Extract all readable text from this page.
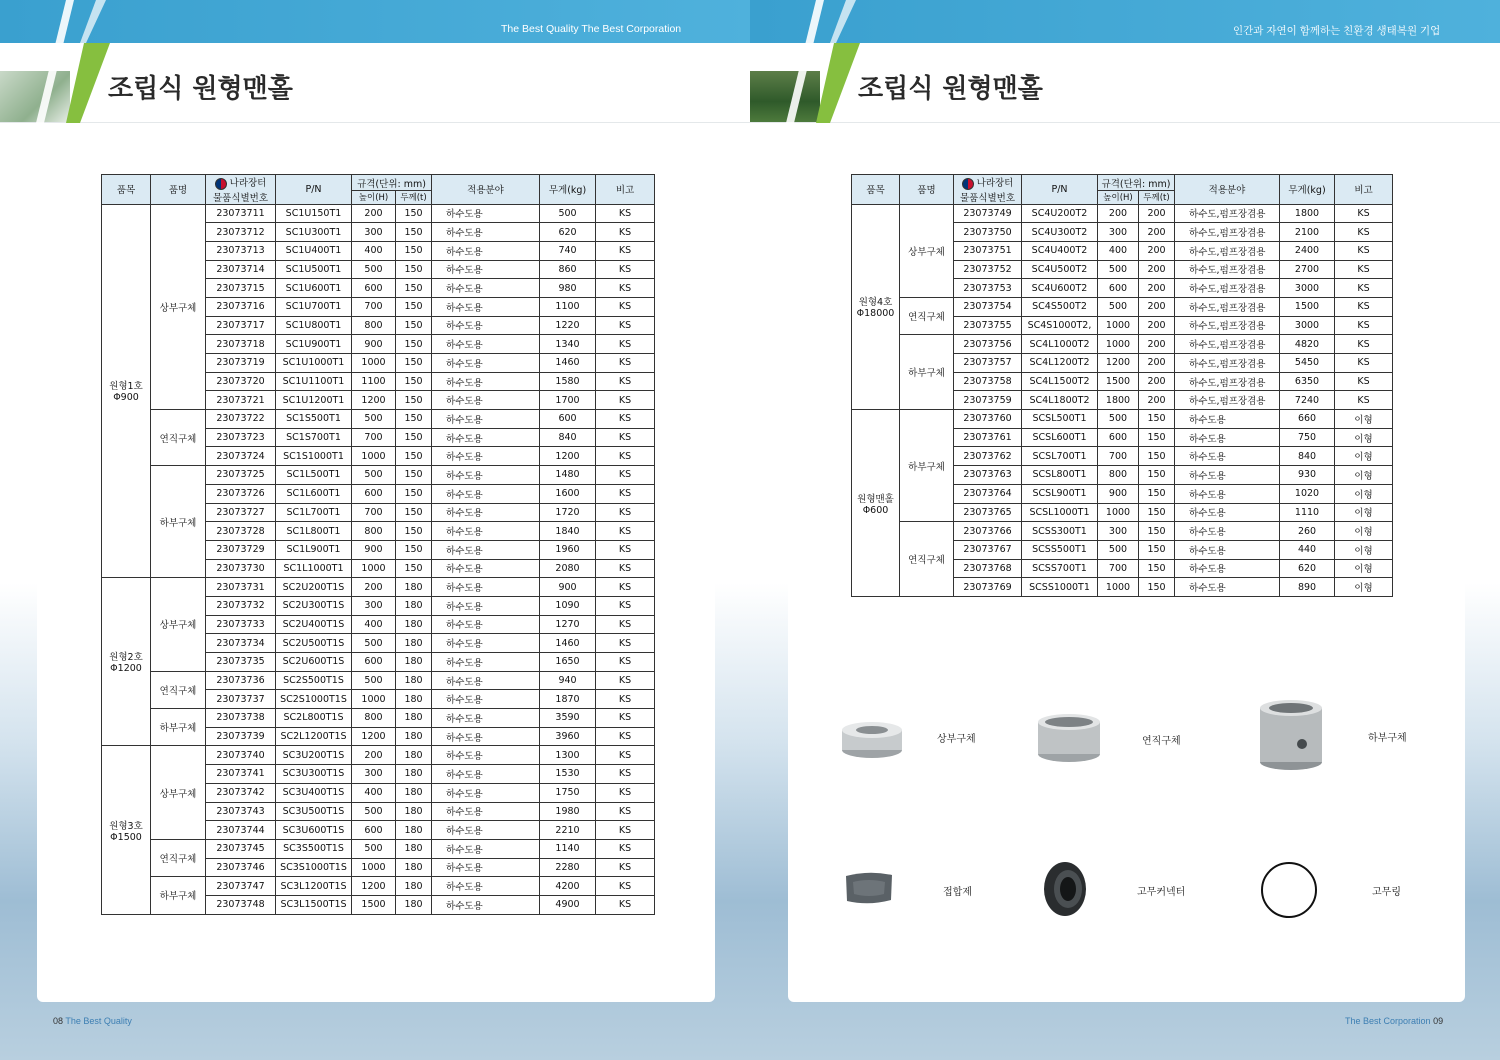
The Best Quality The Best Corporation	인간과 자연이 함께하는 친환경 생태복원 기업
조립식 원형맨홀	조립식 원형맨홀
품목	품명	나라장터
물품식별번호	P/N	규격(단위: mm)		적용분야	무게(kg)	비고
				높이(H)	두께(t)			
원형1호
Φ900	상부구체	23073711	SC1U150T1	200	150	하수도용	500	KS
		23073712	SC1U300T1	300	150	하수도용	620	KS
		23073713	SC1U400T1	400	150	하수도용	740	KS
		23073714	SC1U500T1	500	150	하수도용	860	KS
		23073715	SC1U600T1	600	150	하수도용	980	KS
		23073716	SC1U700T1	700	150	하수도용	1100	KS
		23073717	SC1U800T1	800	150	하수도용	1220	KS
		23073718	SC1U900T1	900	150	하수도용	1340	KS
		23073719	SC1U1000T1	1000	150	하수도용	1460	KS
		23073720	SC1U1100T1	1100	150	하수도용	1580	KS
		23073721	SC1U1200T1	1200	150	하수도용	1700	KS
	연직구체	23073722	SC1S500T1	500	150	하수도용	600	KS
		23073723	SC1S700T1	700	150	하수도용	840	KS
		23073724	SC1S1000T1	1000	150	하수도용	1200	KS
	하부구체	23073725	SC1L500T1	500	150	하수도용	1480	KS
		23073726	SC1L600T1	600	150	하수도용	1600	KS
		23073727	SC1L700T1	700	150	하수도용	1720	KS
		23073728	SC1L800T1	800	150	하수도용	1840	KS
		23073729	SC1L900T1	900	150	하수도용	1960	KS
		23073730	SC1L1000T1	1000	150	하수도용	2080	KS
원형2호
Φ1200	상부구체	23073731	SC2U200T1S	200	180	하수도용	900	KS
		23073732	SC2U300T1S	300	180	하수도용	1090	KS
		23073733	SC2U400T1S	400	180	하수도용	1270	KS
		23073734	SC2U500T1S	500	180	하수도용	1460	KS
		23073735	SC2U600T1S	600	180	하수도용	1650	KS
	연직구체	23073736	SC2S500T1S	500	180	하수도용	940	KS
		23073737	SC2S1000T1S	1000	180	하수도용	1870	KS
	하부구체	23073738	SC2L800T1S	800	180	하수도용	3590	KS
		23073739	SC2L1200T1S	1200	180	하수도용	3960	KS
원형3호
Φ1500	상부구체	23073740	SC3U200T1S	200	180	하수도용	1300	KS
		23073741	SC3U300T1S	300	180	하수도용	1530	KS
		23073742	SC3U400T1S	400	180	하수도용	1750	KS
		23073743	SC3U500T1S	500	180	하수도용	1980	KS
		23073744	SC3U600T1S	600	180	하수도용	2210	KS
	연직구체	23073745	SC3S500T1S	500	180	하수도용	1140	KS
		23073746	SC3S1000T1S	1000	180	하수도용	2280	KS
	하부구체	23073747	SC3L1200T1S	1200	180	하수도용	4200	KS
		23073748	SC3L1500T1S	1500	180	하수도용	4900	KS
품목	품명	나라장터
물품식별번호	P/N	규격(단위: mm)		적용분야	무게(kg)	비고
				높이(H)	두께(t)			
원형4호
Φ18000	상부구체	23073749	SC4U200T2	200	200	하수도,펌프장겸용	1800	KS
		23073750	SC4U300T2	300	200	하수도,펌프장겸용	2100	KS
		23073751	SC4U400T2	400	200	하수도,펌프장겸용	2400	KS
		23073752	SC4U500T2	500	200	하수도,펌프장겸용	2700	KS
		23073753	SC4U600T2	600	200	하수도,펌프장겸용	3000	KS
	연직구체	23073754	SC4S500T2	500	200	하수도,펌프장겸용	1500	KS
		23073755	SC4S1000T2,	1000	200	하수도,펌프장겸용	3000	KS
	하부구체	23073756	SC4L1000T2	1000	200	하수도,펌프장겸용	4820	KS
		23073757	SC4L1200T2	1200	200	하수도,펌프장겸용	5450	KS
		23073758	SC4L1500T2	1500	200	하수도,펌프장겸용	6350	KS
		23073759	SC4L1800T2	1800	200	하수도,펌프장겸용	7240	KS
원형맨홀
Φ600	하부구체	23073760	SCSL500T1	500	150	하수도용	660	이형
		23073761	SCSL600T1	600	150	하수도용	750	이형
		23073762	SCSL700T1	700	150	하수도용	840	이형
		23073763	SCSL800T1	800	150	하수도용	930	이형
		23073764	SCSL900T1	900	150	하수도용	1020	이형
		23073765	SCSL1000T1	1000	150	하수도용	1110	이형
	연직구체	23073766	SCSS300T1	300	150	하수도용	260	이형
		23073767	SCSS500T1	500	150	하수도용	440	이형
		23073768	SCSS700T1	700	150	하수도용	620	이형
		23073769	SCSS1000T1	1000	150	하수도용	890	이형
상부구체	연직구체	하부구체
접합제	고무커넥터	고무링
08 The Best Quality	The Best Corporation 09
